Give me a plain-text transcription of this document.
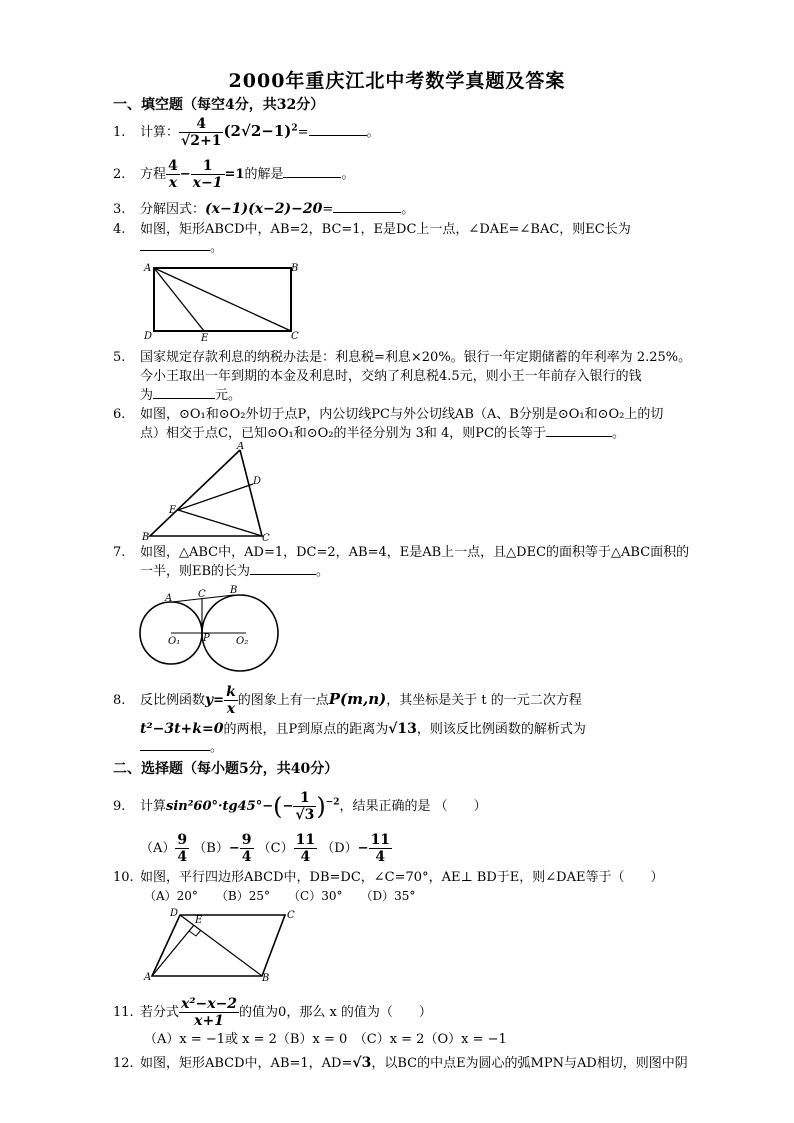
2000年重庆江北中考数学真题及答案
一、填空题（每空4分，共32分）
1. 计算： $\frac{4}{√2+1} (2√2-1)^2=$	。
2. 方程 $\frac{4}{x} - \frac{1}{x-1} =1$的解是	。
3. 分解因式：(x−1)(x−2)−20=	。
4. 如图，矩形ABCD中，AB=2，BC=1，E是DC上一点，∠DAE=∠BAC，则EC长为
。
A	B
C
D	E
5. 国家规定存款利息的纳税办法是：利息税=利息×20%。银行一年定期储蓄的年利率为 2.25%。
今小王取出一年到期的本金及利息时，交纳了利息税4.5元，则小王一年前存入银行的钱
为	元。
6. 如图，⊙O₁和⊙O₂外切于点P，内公切线PC与外公切线AB（A、B分别是⊙O₁和⊙O₂上的切
点）相交于点C，已知⊙O₁和⊙O₂的半径分别为 3和 4，则PC的长等于	。
A
B	C
D
E
7. 如图，△ABC中，AD=1，DC=2，AB=4，E是AB上一点，且△DEC的面积等于△ABC面积的
一半，则EB的长为	。
A
B
C
O₁ P	O₂
8. 反比例函数$y= \frac{k}{x}$ 的图象上有一点P(m,n)，其坐标是关于 t 的一元二次方程
t²−3t+k=0的两根，且P到原点的距离为√13，则该反比例函数的解析式为
。
二、选择题（每小题5分，共40分）
9. 计算$\sin^260^\circ\cdot tg45^\circ-(- \frac{1}{√3} )^{-2}$，结果正确的是 （　　）
$(A) \frac{9}{4} (B)- \frac{9}{4} (C) \frac{11}{4} (D)- \frac{11}{4}$
10. 如图，平行四边形ABCD中，DB=DC，∠C=70°，AE⊥ BD于E，则∠DAE等于（　　）
（A）20°　　（B）25°　　（C）30°　　（D）35°
D
E	C
A	B
11. 若分式 $\frac{\text{x²−x−2}}{x+1}$ 的值为0，那么 x 的值为（　　）
（A）x = −1或 x = 2（B）x = 0　（C）x = 2（O）x = −1
12. 如图，矩形ABCD中，AB=1，AD=√3，以BC的中点E为圆心的弧MPN与AD相切，则图中阴
